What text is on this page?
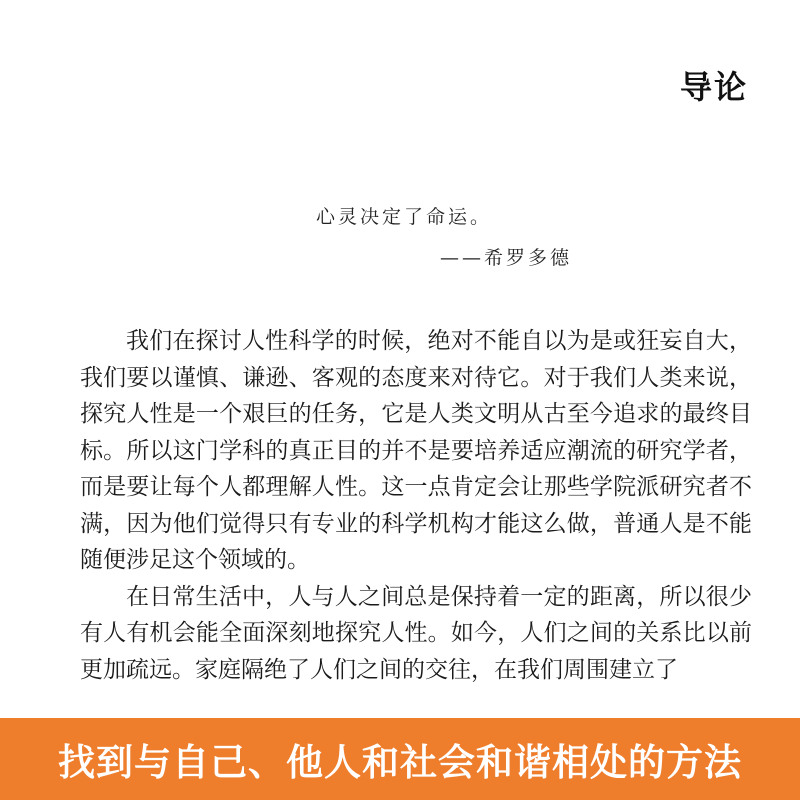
导论
心灵决定了命运。
——希罗多德

我们在探讨人性科学的时候，绝对不能自以为是或狂妄自大，我们要以谨慎、谦逊、客观的态度来对待它。对于我们人类来说，探究人性是一个艰巨的任务，它是人类文明从古至今追求的最终目标。所以这门学科的真正目的并不是要培养适应潮流的研究学者，而是要让每个人都理解人性。这一点肯定会让那些学院派研究者不满，因为他们觉得只有专业的科学机构才能这么做，普通人是不能随便涉足这个领域的。

在日常生活中，人与人之间总是保持着一定的距离，所以很少有人有机会能全面深刻地探究人性。如今，人们之间的关系比以前更加疏远。家庭隔绝了人们之间的交往，在我们周围建立了

找到与自己、他人和社会和谐相处的方法
